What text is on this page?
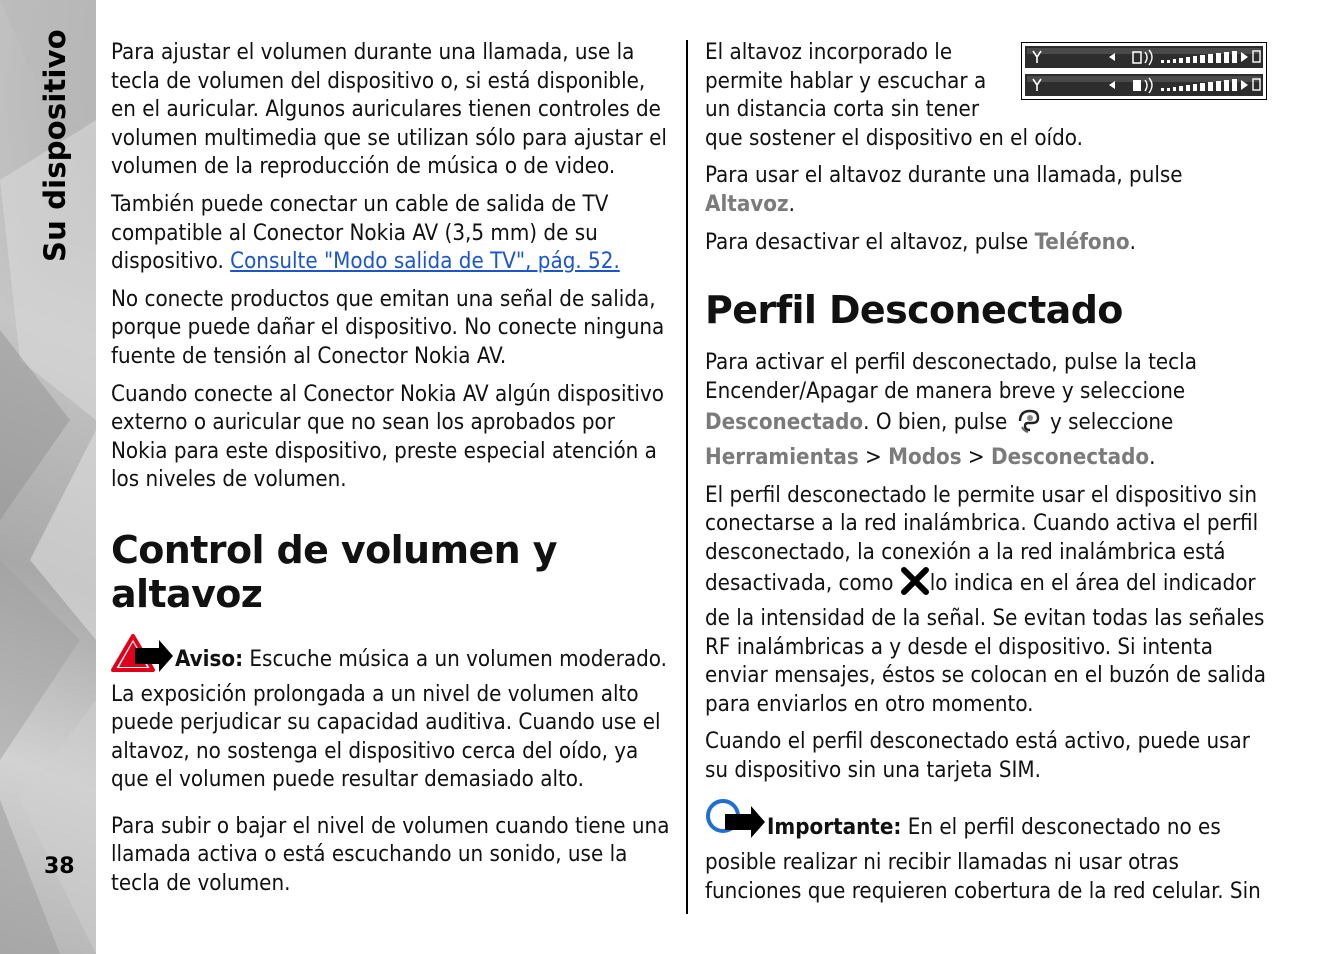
Su dispositivo
38

Para ajustar el volumen durante una llamada, use la tecla de volumen del dispositivo o, si está disponible, en el auricular. Algunos auriculares tienen controles de volumen multimedia que se utilizan sólo para ajustar el volumen de la reproducción de música o de video.

También puede conectar un cable de salida de TV compatible al Conector Nokia AV (3,5 mm) de su dispositivo. Consulte "Modo salida de TV", pág. 52.

No conecte productos que emitan una señal de salida, porque puede dañar el dispositivo. No conecte ninguna fuente de tensión al Conector Nokia AV.

Cuando conecte al Conector Nokia AV algún dispositivo externo o auricular que no sean los aprobados por Nokia para este dispositivo, preste especial atención a los niveles de volumen.

Control de volumen y altavoz

Aviso: Escuche música a un volumen moderado. La exposición prolongada a un nivel de volumen alto puede perjudicar su capacidad auditiva. Cuando use el altavoz, no sostenga el dispositivo cerca del oído, ya que el volumen puede resultar demasiado alto.

Para subir o bajar el nivel de volumen cuando tiene una llamada activa o está escuchando un sonido, use la tecla de volumen.

El altavoz incorporado le permite hablar y escuchar a un distancia corta sin tener que sostener el dispositivo en el oído.

Para usar el altavoz durante una llamada, pulse Altavoz.

Para desactivar el altavoz, pulse Teléfono.

Perfil Desconectado

Para activar el perfil desconectado, pulse la tecla Encender/Apagar de manera breve y seleccione Desconectado. O bien, pulse  y seleccione Herramientas > Modos > Desconectado.

El perfil desconectado le permite usar el dispositivo sin conectarse a la red inalámbrica. Cuando activa el perfil desconectado, la conexión a la red inalámbrica está desactivada, como lo indica en el área del indicador de la intensidad de la señal. Se evitan todas las señales RF inalámbricas a y desde el dispositivo. Si intenta enviar mensajes, éstos se colocan en el buzón de salida para enviarlos en otro momento.

Cuando el perfil desconectado está activo, puede usar su dispositivo sin una tarjeta SIM.

Importante: En el perfil desconectado no es posible realizar ni recibir llamadas ni usar otras funciones que requieren cobertura de la red celular. Sin
